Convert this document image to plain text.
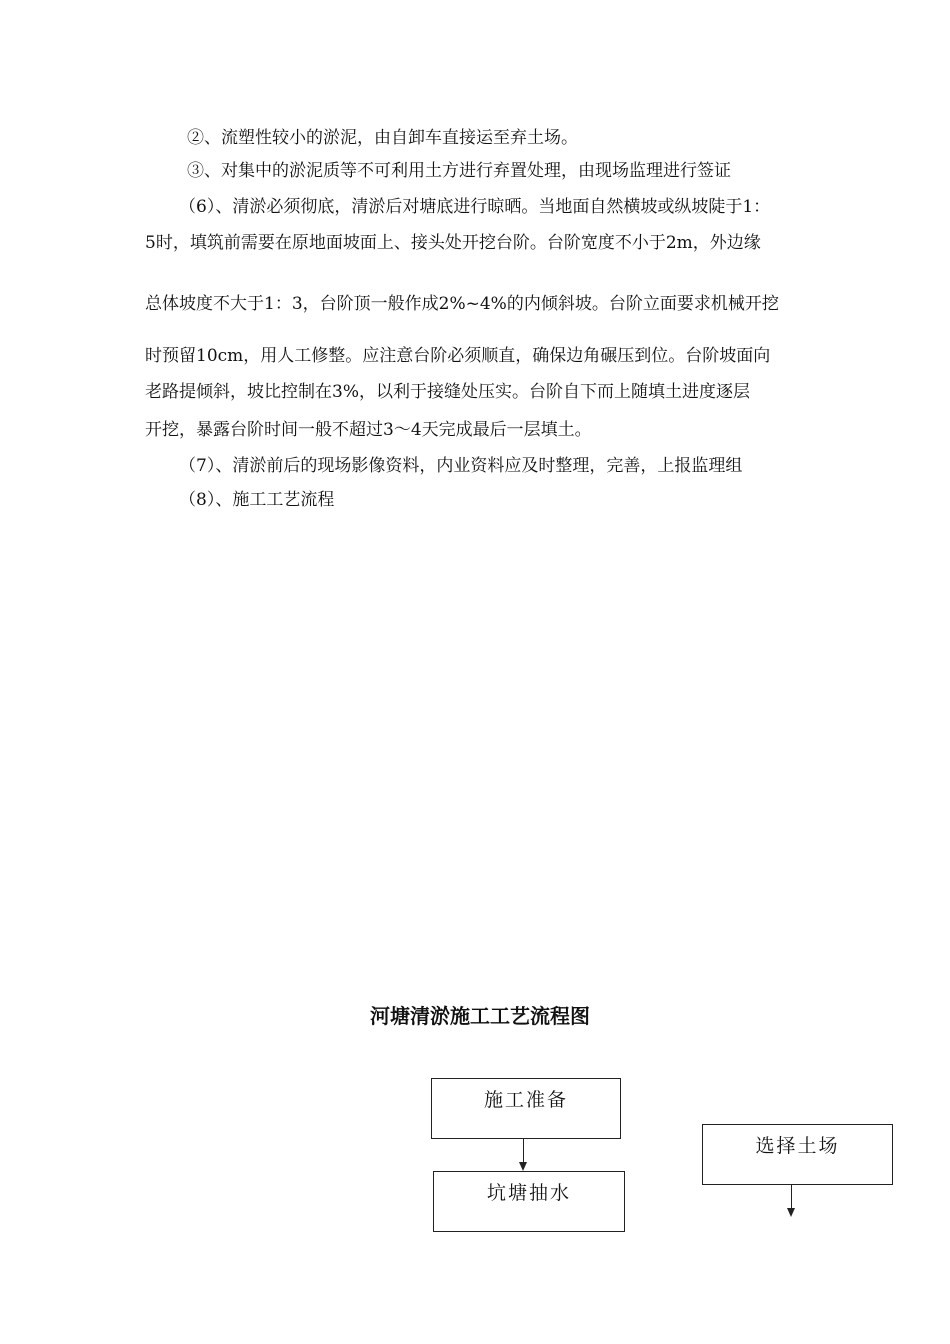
②、流塑性较小的淤泥，由自卸车直接运至弃土场。
③、对集中的淤泥质等不可利用土方进行弃置处理，由现场监理进行签证
（6）、清淤必须彻底，清淤后对塘底进行晾晒。当地面自然横坡或纵坡陡于1：
5时，填筑前需要在原地面坡面上、接头处开挖台阶。台阶宽度不小于2m，外边缘
总体坡度不大于1：3，台阶顶一般作成2%~4%的内倾斜坡。台阶立面要求机械开挖
时预留10cm，用人工修整。应注意台阶必须顺直，确保边角碾压到位。台阶坡面向
老路提倾斜，坡比控制在3%，以利于接缝处压实。台阶自下而上随填土进度逐层
开挖，暴露台阶时间一般不超过3～4天完成最后一层填土。
（7）、清淤前后的现场影像资料，内业资料应及时整理，完善，上报监理组
（8）、施工工艺流程
河塘清淤施工工艺流程图
施工准备
坑塘抽水
选择土场
